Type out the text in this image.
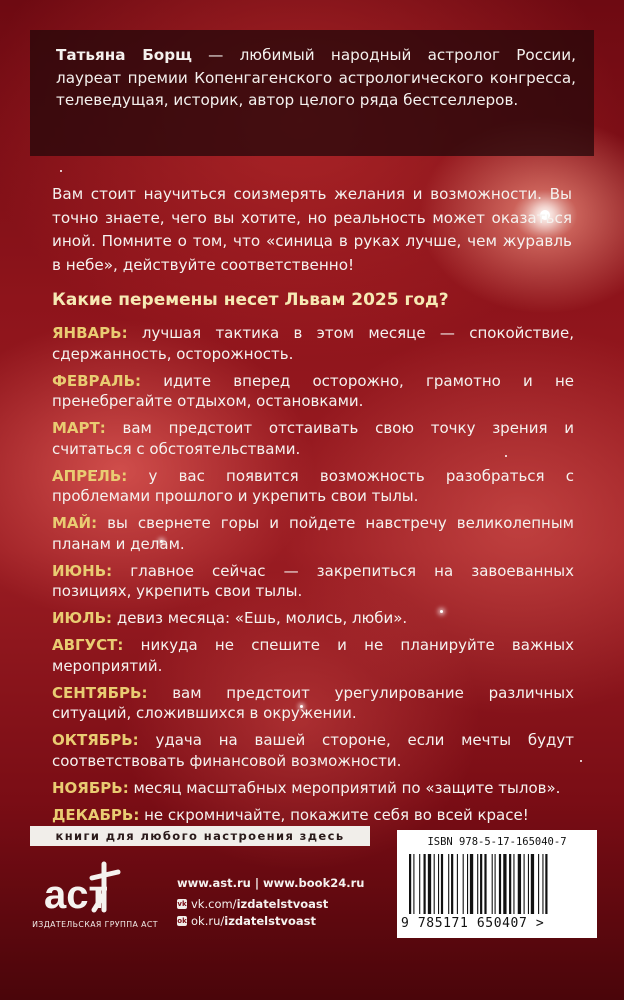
Татьяна Борщ — любимый народный астролог России, лауреат премии Копенгагенского астрологического конгресса, телеведущая, историк, автор целого ряда бестселлеров.
Вам стоит научиться соизмерять желания и возможности. Вы точно знаете, чего вы хотите, но реальность может оказаться иной. Помните о том, что «синица в руках лучше, чем журавль в небе», действуйте соответственно!
Какие перемены несет Львам 2025 год?
ЯНВАРЬ: лучшая тактика в этом месяце — спокойствие, сдержанность, осторожность.
ФЕВРАЛЬ: идите вперед осторожно, грамотно и не пренебрегайте отдыхом, остановками.
МАРТ: вам предстоит отстаивать свою точку зрения и считаться с обстоятельствами.
АПРЕЛЬ: у вас появится возможность разобраться с проблемами прошлого и укрепить свои тылы.
МАЙ: вы свернете горы и пойдете навстречу великолепным планам и делам.
ИЮНЬ: главное сейчас — закрепиться на завоеванных позициях, укрепить свои тылы.
ИЮЛЬ: девиз месяца: «Ешь, молись, люби».
АВГУСТ: никуда не спешите и не планируйте важных мероприятий.
СЕНТЯБРЬ: вам предстоит урегулирование различных ситуаций, сложившихся в окружении.
ОКТЯБРЬ: удача на вашей стороне, если мечты будут соответствовать финансовой возможности.
НОЯБРЬ: месяц масштабных мероприятий по «защите тылов».
ДЕКАБРЬ: не скромничайте, покажите себя во всей красе!
книги для любого настроения здесь
аст
ИЗДАТЕЛЬСКАЯ ГРУППА АСТ
www.ast.ru | www.book24.ru
vk vk.com/ izdatelstvoast
ok ok.ru/ izdatelstvoast
ISBN 978-5-17-165040-7
9 785171 650407 >
